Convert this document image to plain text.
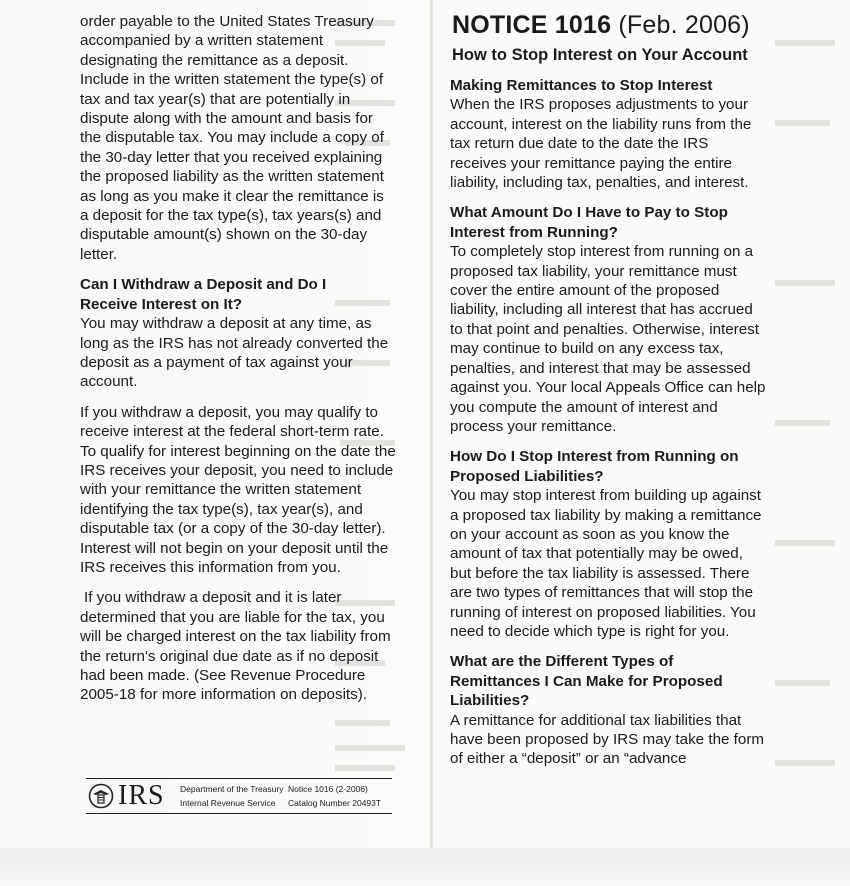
order payable to the United States Treasury accompanied by a written statement designating the remittance as a deposit. Include in the written statement the type(s) of tax and tax year(s) that are potentially in dispute along with the amount and basis for the disputable tax. You may include a copy of the 30-day letter that you received explaining the proposed liability as the written statement as long as you make it clear the remittance is a deposit for the tax type(s), tax years(s) and disputable amount(s) shown on the 30-day letter.

Can I Withdraw a Deposit and Do I Receive Interest on It?

You may withdraw a deposit at any time, as long as the IRS has not already converted the deposit as a payment of tax against your account.

If you withdraw a deposit, you may qualify to receive interest at the federal short-term rate. To qualify for interest beginning on the date the IRS receives your deposit, you need to include with your remittance the written statement identifying the tax type(s), tax year(s), and disputable tax (or a copy of the 30-day letter). Interest will not begin on your deposit until the IRS receives this information from you.

If you withdraw a deposit and it is later determined that you are liable for the tax, you will be charged interest on the tax liability from the return's original due date as if no deposit had been made. (See Revenue Procedure 2005-18 for more information on deposits).

IRS Department of the Treasury
Internal Revenue Service
Notice 1016 (2-2006)
Catalog Number 20493T
NOTICE 1016 (Feb. 2006)
How to Stop Interest on Your Account
Making Remittances to Stop Interest

When the IRS proposes adjustments to your account, interest on the liability runs from the tax return due date to the date the IRS receives your remittance paying the entire liability, including tax, penalties, and interest.

What Amount Do I Have to Pay to Stop Interest from Running?

To completely stop interest from running on a proposed tax liability, your remittance must cover the entire amount of the proposed liability, including all interest that has accrued to that point and penalties. Otherwise, interest may continue to build on any excess tax, penalties, and interest that may be assessed against you. Your local Appeals Office can help you compute the amount of interest and process your remittance.

How Do I Stop Interest from Running on Proposed Liabilities?

You may stop interest from building up against a proposed tax liability by making a remittance on your account as soon as you know the amount of tax that potentially may be owed, but before the tax liability is assessed. There are two types of remittances that will stop the running of interest on proposed liabilities. You need to decide which type is right for you.

What are the Different Types of Remittances I Can Make for Proposed Liabilities?

A remittance for additional tax liabilities that have been proposed by IRS may take the form of either a “deposit” or an “advance
